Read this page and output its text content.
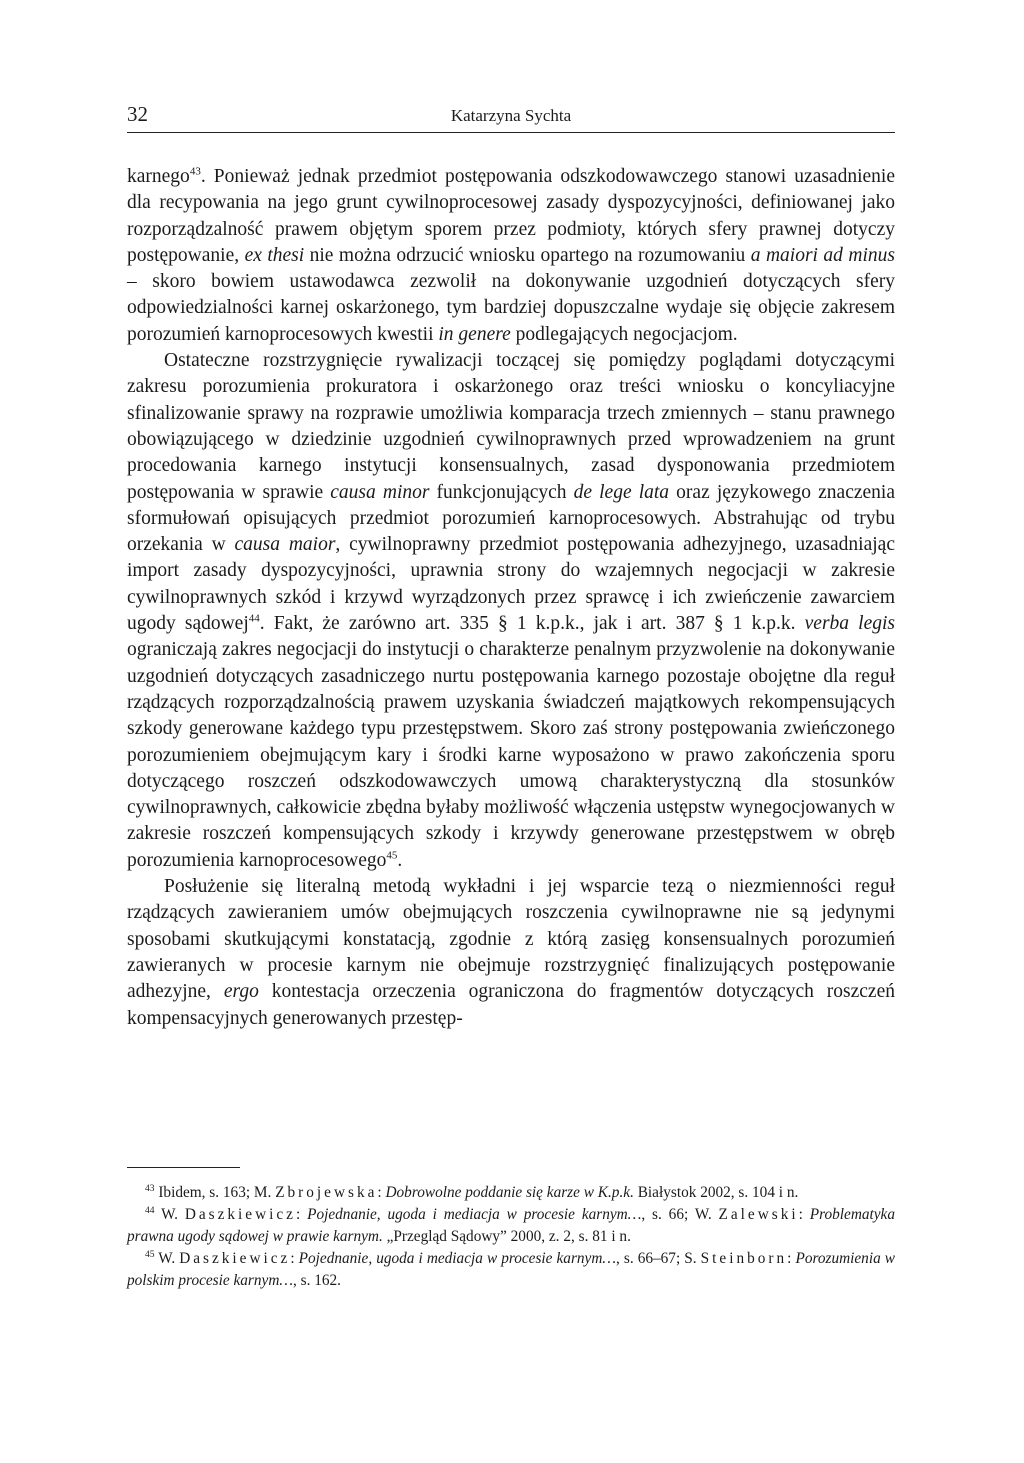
32	Katarzyna Sychta

karnego$^{43}$. Ponieważ jednak przedmiot postępowania odszkodowawczego stanowi uzasadnienie dla recypowania na jego grunt cywilnoprocesowej zasady dyspozycyjności, definiowanej jako rozporządzalność prawem objętym sporem przez podmioty, których sfery prawnej dotyczy postępowanie, ex thesi nie można odrzucić wniosku opartego na rozumowaniu a maiori ad minus – skoro bowiem ustawodawca zezwolił na dokonywanie uzgodnień dotyczących sfery odpowiedzialności karnej oskarżonego, tym bardziej dopuszczalne wydaje się objęcie zakresem porozumień karnoprocesowych kwestii in genere podlegających negocjacjom.

Ostateczne rozstrzygnięcie rywalizacji toczącej się pomiędzy poglądami dotyczącymi zakresu porozumienia prokuratora i oskarżonego oraz treści wniosku o koncyliacyjne sfinalizowanie sprawy na rozprawie umożliwia komparacja trzech zmiennych – stanu prawnego obowiązującego w dziedzinie uzgodnień cywilnoprawnych przed wprowadzeniem na grunt procedowania karnego instytucji konsensualnych, zasad dysponowania przedmiotem postępowania w sprawie causa minor funkcjonujących de lege lata oraz językowego znaczenia sformułowań opisujących przedmiot porozumień karnoprocesowych. Abstrahując od trybu orzekania w causa maior, cywilnoprawny przedmiot postępowania adhezyjnego, uzasadniając import zasady dyspozycyjności, uprawnia strony do wzajemnych negocjacji w zakresie cywilnoprawnych szkód i krzywd wyrządzonych przez sprawcę i ich zwieńczenie zawarciem ugody sądowej$^{44}$. Fakt, że zarówno art. 335 § 1 k.p.k., jak i art. 387 § 1 k.p.k. verba legis ograniczają zakres negocjacji do instytucji o charakterze penalnym przyzwolenie na dokonywanie uzgodnień dotyczących zasadniczego nurtu postępowania karnego pozostaje obojętne dla reguł rządzących rozporządzalnością prawem uzyskania świadczeń majątkowych rekompensujących szkody generowane każdego typu przestępstwem. Skoro zaś strony postępowania zwieńczonego porozumieniem obejmującym kary i środki karne wyposażono w prawo zakończenia sporu dotyczącego roszczeń odszkodowawczych umową charakterystyczną dla stosunków cywilnoprawnych, całkowicie zbędna byłaby możliwość włączenia ustępstw wynegocjowanych w zakresie roszczeń kompensujących szkody i krzywdy generowane przestępstwem w obręb porozumienia karnoprocesowego$^{45}$.

Posłużenie się literalną metodą wykładni i jej wsparcie tezą o niezmienności reguł rządzących zawieraniem umów obejmujących roszczenia cywilnoprawne nie są jedynymi sposobami skutkującymi konstatacją, zgodnie z którą zasięg konsensualnych porozumień zawieranych w procesie karnym nie obejmuje rozstrzygnięć finalizujących postępowanie adhezyjne, ergo kontestacja orzeczenia ograniczona do fragmentów dotyczących roszczeń kompensacyjnych generowanych przestęp-

$^{43}$ Ibidem, s. 163; M. Zbrojewska: Dobrowolne poddanie się karze w K.p.k. Białystok 2002, s. 104 i n.

$^{44}$ W. Daszkiewicz: Pojednanie, ugoda i mediacja w procesie karnym…, s. 66; W. Zalewski: Problematyka prawna ugody sądowej w prawie karnym. „Przegląd Sądowy” 2000, z. 2, s. 81 i n.

$^{45}$ W. Daszkiewicz: Pojednanie, ugoda i mediacja w procesie karnym…, s. 66–67; S. Steinborn: Porozumienia w polskim procesie karnym…, s. 162.
